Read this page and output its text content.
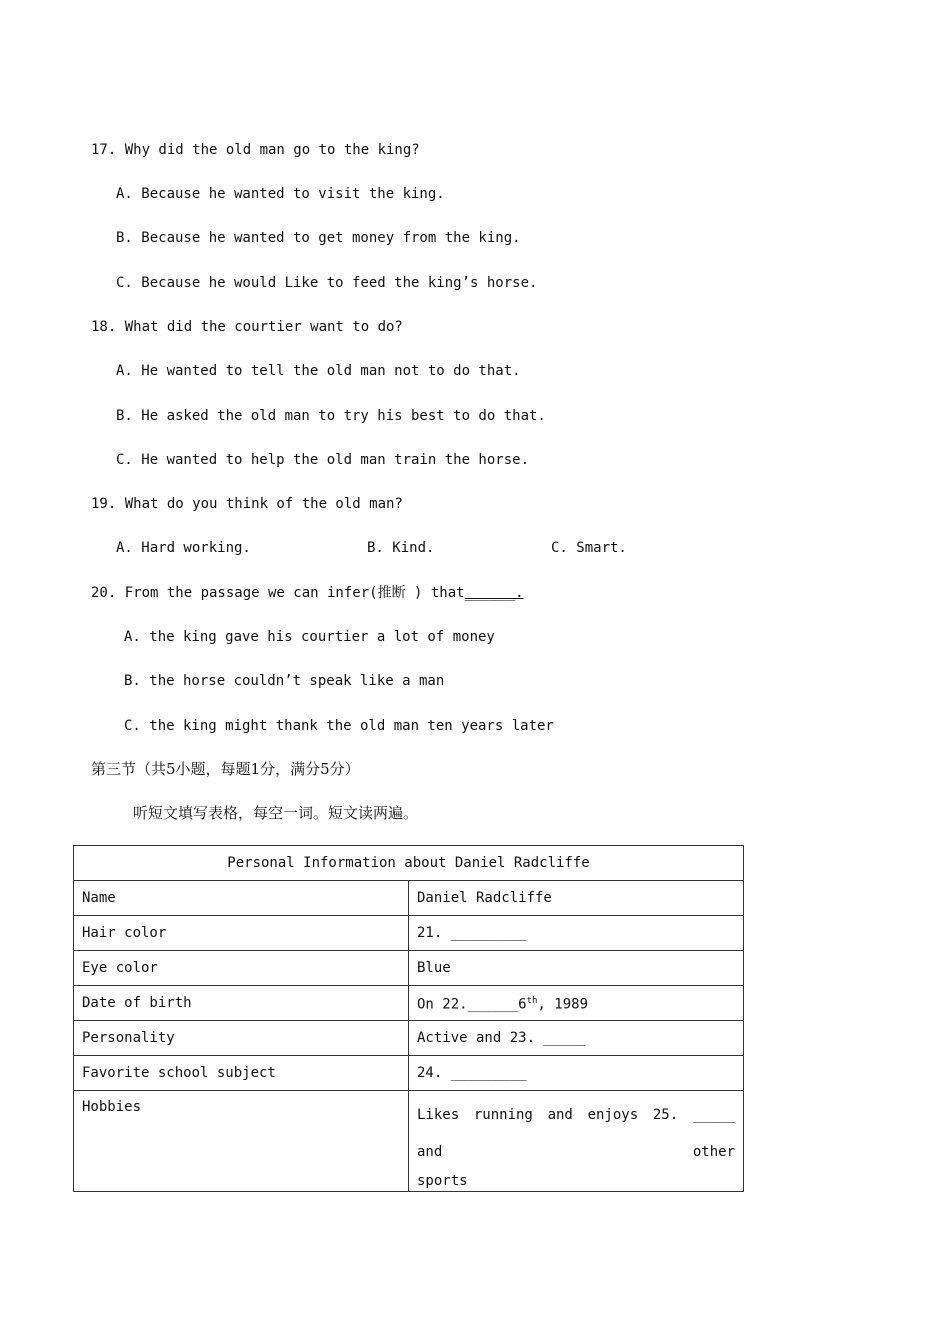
17. Why did the old man go to the king?
A. Because he wanted to visit the king.
B. Because he wanted to get money from the king.
C. Because he would Like to feed the king’s horse.
18. What did the courtier want to do?
A. He wanted to tell the old man not to do that.
B. He asked the old man to try his best to do that.
C. He wanted to help the old man train the horse.
19. What do you think of the old man?
A. Hard working.	B. Kind.	C. Smart.
20. From the passage we can infer(推断 ) that______.
A. the king gave his courtier a lot of money
B. the horse couldn’t speak like a man
C. the king might thank the old man ten years later
第三节（共5小题，每题1分，满分5分）
听短文填写表格，每空一词。短文读两遍。
Personal Information about Daniel Radcliffe	
Name	Daniel Radcliffe
Hair color	21. _________
Eye color	Blue
Date of birth	On 22.______6th, 1989
Personality	Active and 23. _____
Favorite school subject	24. _________
Hobbies	Likes running and enjoys 25. _____ and other
sports
